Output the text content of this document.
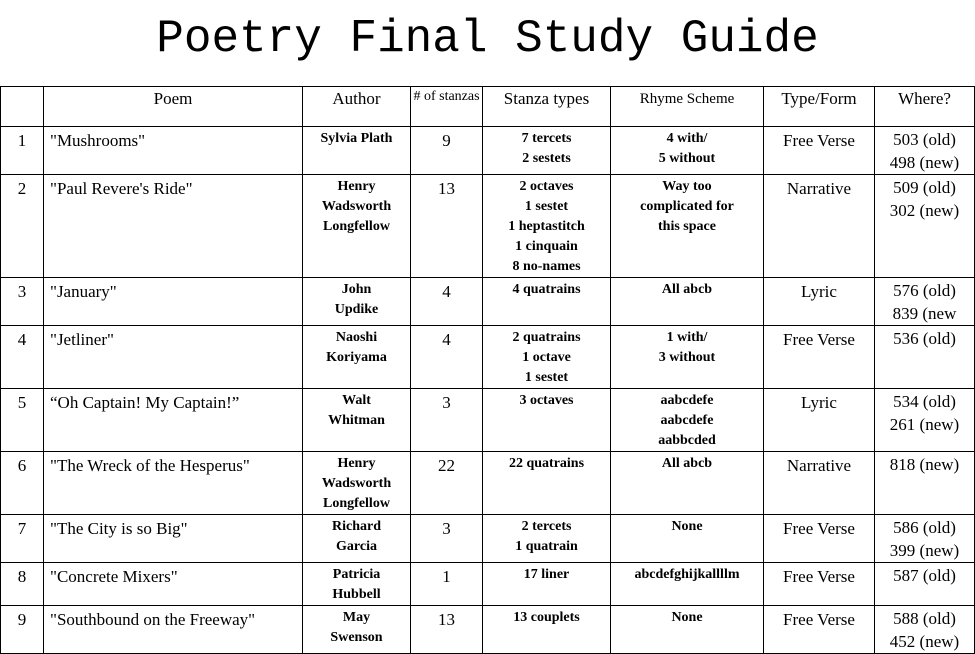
Poetry Final Study Guide
	Poem	Author	# of stanzas	Stanza types	Rhyme Scheme	Type/Form	Where?
1	"Mushrooms"	Sylvia Plath	9	7 tercets
2 sestets	4 with/
5 without	Free Verse	503 (old)
498 (new)

2	"Paul Revere's Ride"	Henry
Wadsworth
Longfellow	13	2 octaves
1 sestet
1 heptastitch
1 cinquain
8 no-names	Way too
complicated for
this space	Narrative	509 (old)
302 (new)

3	"January"	John
Updike	4	4 quatrains	All abcb	Lyric	576 (old)
839 (new

4	"Jetliner"	Naoshi
Koriyama	4	2 quatrains
1 octave
1 sestet	1 with/
3 without	Free Verse	536 (old)

5	“Oh Captain! My Captain!”	Walt
Whitman	3	3 octaves	aabcdefe
aabcdefe
aabbcded	Lyric	534 (old)
261 (new)

6	"The Wreck of the Hesperus"	Henry
Wadsworth
Longfellow	22	22 quatrains	All abcb	Narrative	818 (new)

7	"The City is so Big"	Richard
Garcia	3	2 tercets
1 quatrain	None	Free Verse	586 (old)
399 (new)

8	"Concrete Mixers"	Patricia
Hubbell	1	17 liner	abcdefghijkallllm	Free Verse	587 (old)

9	"Southbound on the Freeway"	May
Swenson	13	13 couplets	None	Free Verse	588 (old)
452 (new)
